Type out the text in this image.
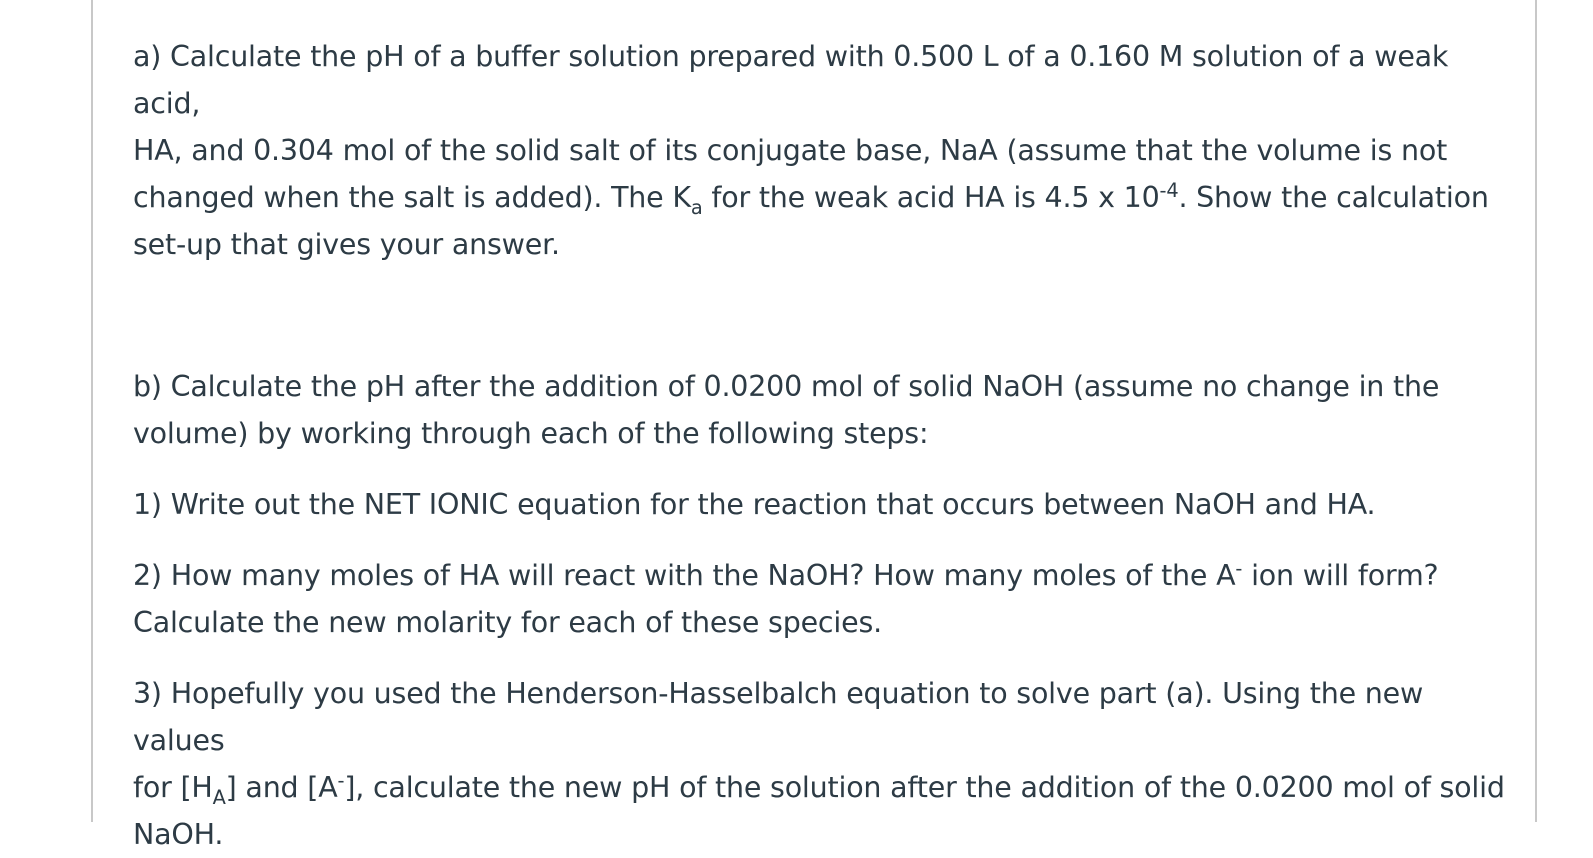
a) Calculate the pH of a buffer solution prepared with 0.500 L of a 0.160 M solution of a weak acid,
HA, and 0.304 mol of the solid salt of its conjugate base, NaA (assume that the volume is not
changed when the salt is added). The $K_a$ for the weak acid HA is 4.5 x $10^{-4}$. Show the calculation
set-up that gives your answer.
b) Calculate the pH after the addition of 0.0200 mol of solid NaOH (assume no change in the
volume) by working through each of the following steps:
1) Write out the NET IONIC equation for the reaction that occurs between NaOH and HA.
2) How many moles of HA will react with the NaOH? How many moles of the A- ion will form?
Calculate the new molarity for each of these species.
3) Hopefully you used the Henderson-Hasselbalch equation to solve part (a). Using the new values
for $[H_A]$ and [A-], calculate the new pH of the solution after the addition of the 0.0200 mol of solid
NaOH.
